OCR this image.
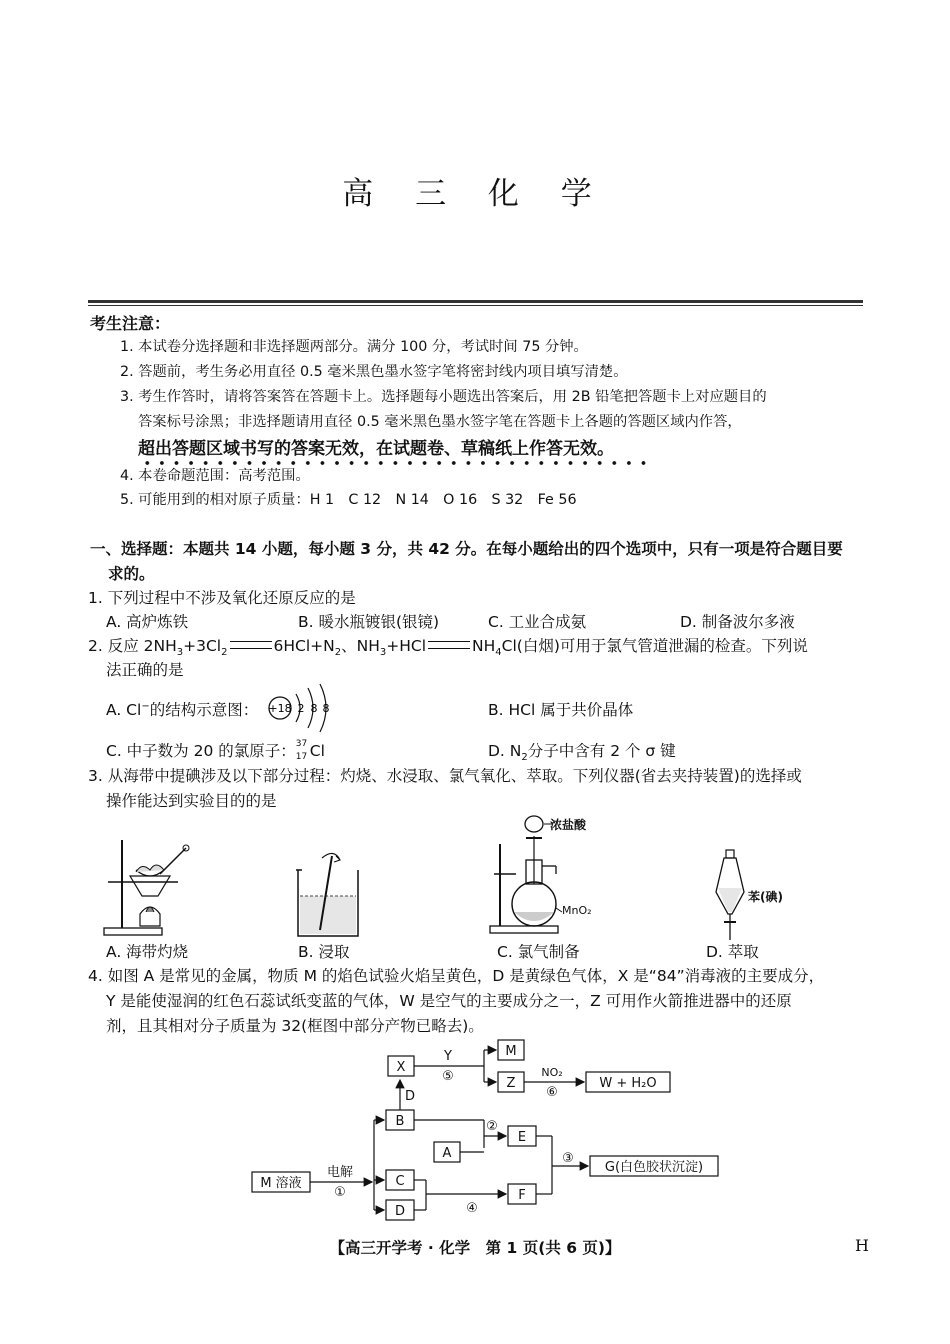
高 三 化 学
考生注意：
1. 本试卷分选择题和非选择题两部分。满分 100 分，考试时间 75 分钟。
2. 答题前，考生务必用直径 0.5 毫米黑色墨水签字笔将密封线内项目填写清楚。
3. 考生作答时，请将答案答在答题卡上。选择题每小题选出答案后，用 2B 铅笔把答题卡上对应题目的
答案标号涂黑；非选择题请用直径 0.5 毫米黑色墨水签字笔在答题卡上各题的答题区域内作答，
超出答题区域书写的答案无效，在试题卷、草稿纸上作答无效。
4. 本卷命题范围：高考范围。
5. 可能用到的相对原子质量：H 1　C 12　N 14　O 16　S 32　Fe 56
一、选择题：本题共 14 小题，每小题 3 分，共 42 分。在每小题给出的四个选项中，只有一项是符合题目要
求的。
1. 下列过程中不涉及氧化还原反应的是
A. 高炉炼铁	B. 暖水瓶镀银(银镜)	C. 工业合成氨	D. 制备波尔多液
2. 反应 $2NH_3+3Cl_2$	$6HCl+N_2$、$NH_3+HCl$	$NH_4Cl$(白烟)可用于氯气管道泄漏的检查。下列说
法正确的是
A. Cl−的结构示意图： +18 2 8 8	B. HCl 属于共价晶体
C. 中子数为 20 的氯原子： 37
17 Cl	D. $N_2$分子中含有 2 个 σ 键
3. 从海带中提碘涉及以下部分过程：灼烧、水浸取、氯气氧化、萃取。下列仪器(省去夹持装置)的选择或
操作能达到实验目的的是
浓盐酸
MnO₂
苯(碘)
A. 海带灼烧	B. 浸取	C. 氯气制备	D. 萃取
4. 如图 A 是常见的金属，物质 M 的焰色试验火焰呈黄色，D 是黄绿色气体，X 是“84”消毒液的主要成分，
Y 是能使湿润的红色石蕊试纸变蓝的气体，W 是空气的主要成分之一，Z 可用作火箭推进器中的还原
剂，且其相对分子质量为 32(框图中部分产物已略去)。
M 溶液
电解
①
B
C
D
D
X
Y
⑤
M
Z
NO₂
⑥
W + H₂O
A
②
E
④
F
③
G(白色胶状沉淀)
【高三开学考 · 化学　第 1 页(共 6 页)】	H
